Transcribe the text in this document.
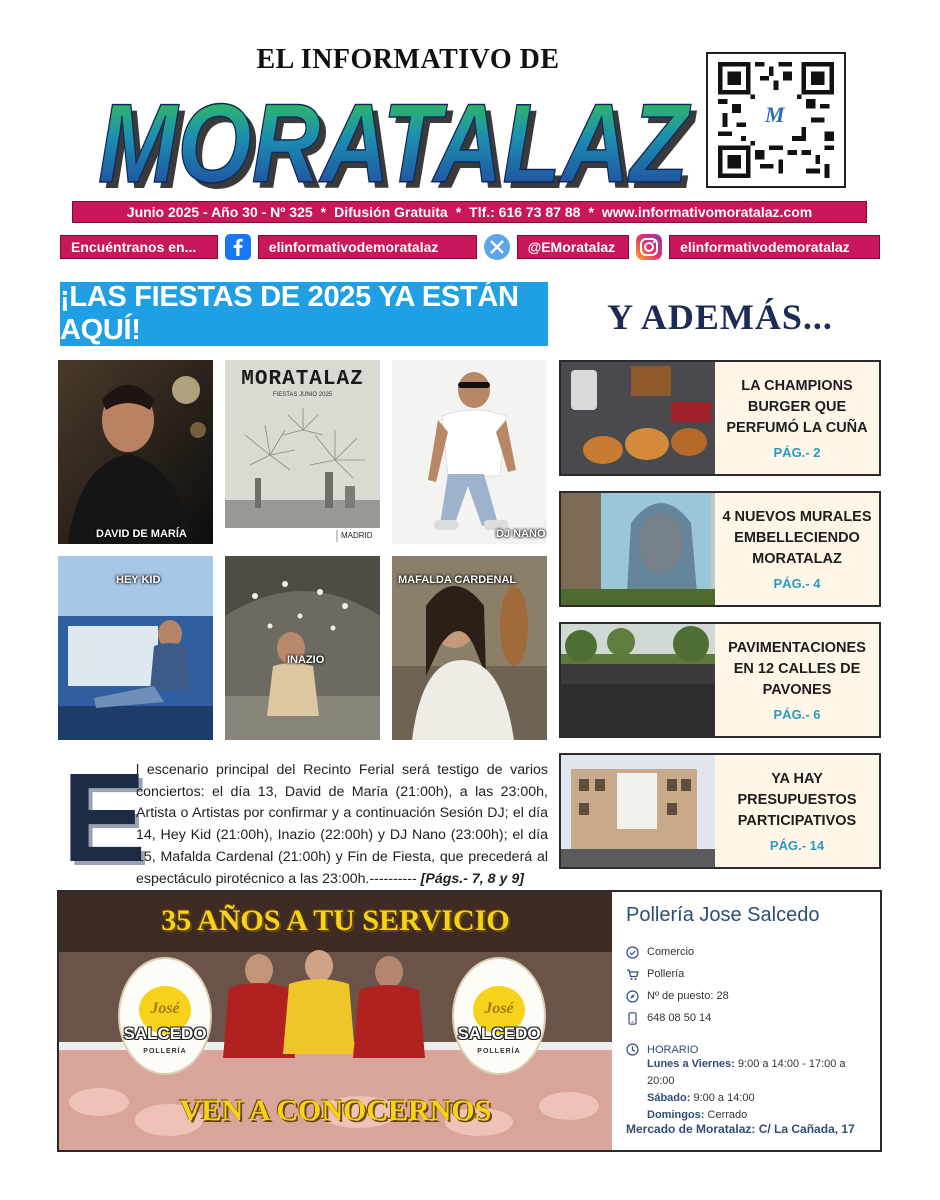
EL INFORMATIVO DE
MORATALAZ
MORATALAZ	M
Junio 2025 - Año 30 - Nº 325 * Difusión Gratuita * Tlf.: 616 73 87 88 * www.informativomoratalaz.com
Encuéntranos en...	elinformativodemoratalaz	@EMoratalaz	elinformativodemoratalaz
¡LAS FIESTAS DE 2025 YA ESTÁN AQUÍ!	Y ADEMÁS...
DAVID DE MARÍA
MORATALAZ
FIESTAS JUNIO 2025
MADRID	DJ NANO
HEY KID
INAZIO
MAFALDA CARDENAL
E
l escenario principal del Recinto Ferial será testigo de varios conciertos: el día 13, David de María (21:00h), a las 23:00h, Artista o Artistas por confirmar y a continuación Sesión DJ; el día 14, Hey Kid (21:00h), Inazio (22:00h) y DJ Nano (23:00h); el día 15, Mafalda Cardenal (21:00h) y Fin de Fiesta, que precederá al espectáculo pirotécnico a las 23:00h.---------- [Págs.- 7, 8 y 9]
LA CHAMPIONS BURGER QUE PERFUMÓ LA CUÑA
PÁG.- 2
4 NUEVOS MURALES EMBELLECIENDO MORATALAZ
PÁG.- 4
PAVIMENTACIONES EN 12 CALLES DE PAVONES
PÁG.- 6
YA HAY PRESUPUESTOS PARTICIPATIVOS
PÁG.- 14
35 AÑOS A TU SERVICIO
José
SALCEDO
POLLERÍA
José
SALCEDO
POLLERÍA
VEN A CONOCERNOS
Pollería Jose Salcedo
Comercio
Pollería
Nº de puesto: 28
648 08 50 14
HORARIO
Lunes a Viernes: 9:00 a 14:00 - 17:00 a 20:00
Sábado: 9:00 a 14:00
Domingos: Cerrado
Mercado de Moratalaz: C/ La Cañada, 17
